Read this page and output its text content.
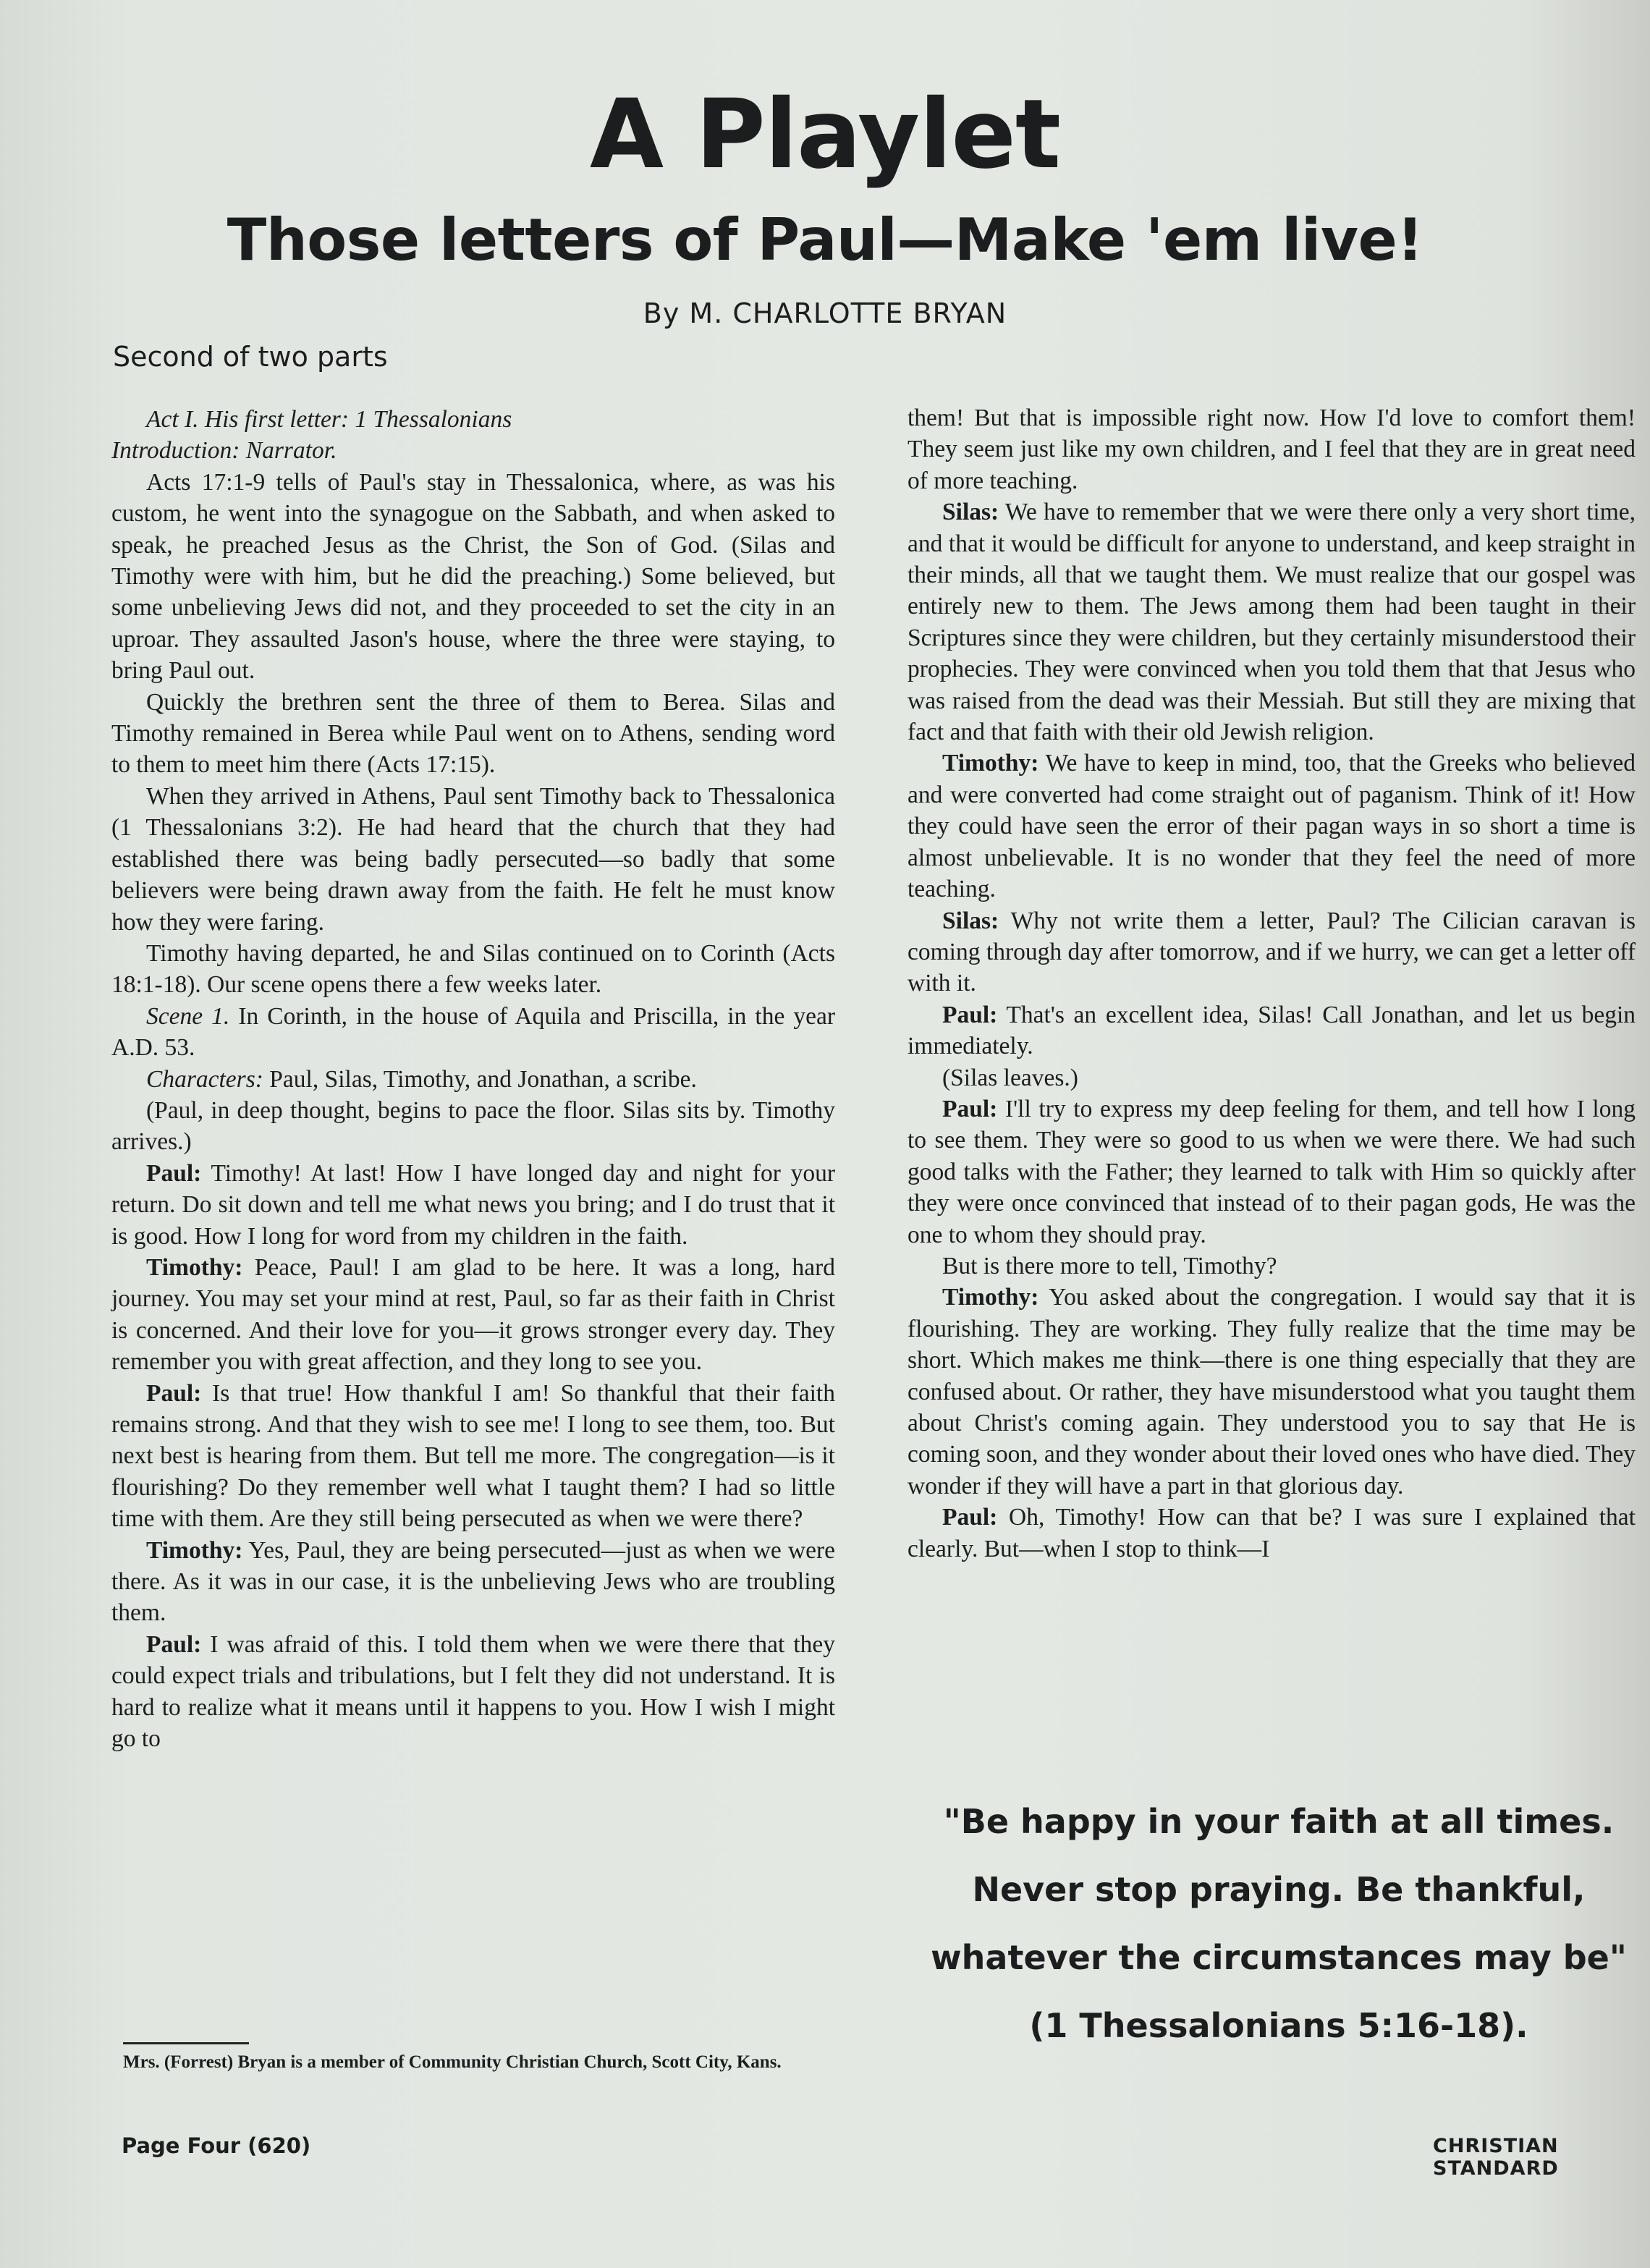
A Playlet
Those letters of Paul—Make 'em live!
By M. CHARLOTTE BRYAN
Second of two parts

Act I. His first letter: 1 Thessalonians

Introduction: Narrator.

Acts 17:1-9 tells of Paul's stay in Thessalonica, where, as was his custom, he went into the synagogue on the Sabbath, and when asked to speak, he preached Jesus as the Christ, the Son of God. (Silas and Timothy were with him, but he did the preaching.) Some believed, but some unbelieving Jews did not, and they proceeded to set the city in an uproar. They assaulted Jason's house, where the three were staying, to bring Paul out.

Quickly the brethren sent the three of them to Berea. Silas and Timothy remained in Berea while Paul went on to Athens, sending word to them to meet him there (Acts 17:15).

When they arrived in Athens, Paul sent Timothy back to Thessalonica (1 Thessalonians 3:2). He had heard that the church that they had established there was being badly persecuted—so badly that some believers were being drawn away from the faith. He felt he must know how they were faring.

Timothy having departed, he and Silas continued on to Corinth (Acts 18:1-18). Our scene opens there a few weeks later.

Scene 1. In Corinth, in the house of Aquila and Priscilla, in the year A.D. 53.

Characters: Paul, Silas, Timothy, and Jonathan, a scribe.

(Paul, in deep thought, begins to pace the floor. Silas sits by. Timothy arrives.)

Paul: Timothy! At last! How I have longed day and night for your return. Do sit down and tell me what news you bring; and I do trust that it is good. How I long for word from my children in the faith.

Timothy: Peace, Paul! I am glad to be here. It was a long, hard journey. You may set your mind at rest, Paul, so far as their faith in Christ is concerned. And their love for you—it grows stronger every day. They remember you with great affection, and they long to see you.

Paul: Is that true! How thankful I am! So thankful that their faith remains strong. And that they wish to see me! I long to see them, too. But next best is hearing from them. But tell me more. The congregation—is it flourishing? Do they remember well what I taught them? I had so little time with them. Are they still being persecuted as when we were there?

Timothy: Yes, Paul, they are being persecuted—just as when we were there. As it was in our case, it is the unbelieving Jews who are troubling them.

Paul: I was afraid of this. I told them when we were there that they could expect trials and tribulations, but I felt they did not understand. It is hard to realize what it means until it happens to you. How I wish I might go to

them! But that is impossible right now. How I'd love to comfort them! They seem just like my own children, and I feel that they are in great need of more teaching.

Silas: We have to remember that we were there only a very short time, and that it would be difficult for anyone to understand, and keep straight in their minds, all that we taught them. We must realize that our gospel was entirely new to them. The Jews among them had been taught in their Scriptures since they were children, but they certainly misunderstood their prophecies. They were convinced when you told them that that Jesus who was raised from the dead was their Messiah. But still they are mixing that fact and that faith with their old Jewish religion.

Timothy: We have to keep in mind, too, that the Greeks who believed and were converted had come straight out of paganism. Think of it! How they could have seen the error of their pagan ways in so short a time is almost unbelievable. It is no wonder that they feel the need of more teaching.

Silas: Why not write them a letter, Paul? The Cilician caravan is coming through day after tomorrow, and if we hurry, we can get a letter off with it.

Paul: That's an excellent idea, Silas! Call Jonathan, and let us begin immediately.

(Silas leaves.)

Paul: I'll try to express my deep feeling for them, and tell how I long to see them. They were so good to us when we were there. We had such good talks with the Father; they learned to talk with Him so quickly after they were once convinced that instead of to their pagan gods, He was the one to whom they should pray.

But is there more to tell, Timothy?

Timothy: You asked about the congregation. I would say that it is flourishing. They are working. They fully realize that the time may be short. Which makes me think—there is one thing especially that they are confused about. Or rather, they have misunderstood what you taught them about Christ's coming again. They understood you to say that He is coming soon, and they wonder about their loved ones who have died. They wonder if they will have a part in that glorious day.

Paul: Oh, Timothy! How can that be? I was sure I explained that clearly. But—when I stop to think—I

"Be happy in your faith at all times. Never stop praying. Be thankful, whatever the circumstances may be" (1 Thessalonians 5:16-18).
Mrs. (Forrest) Bryan is a member of Community Christian Church, Scott City, Kans.
Page Four (620)	CHRISTIAN STANDARD
